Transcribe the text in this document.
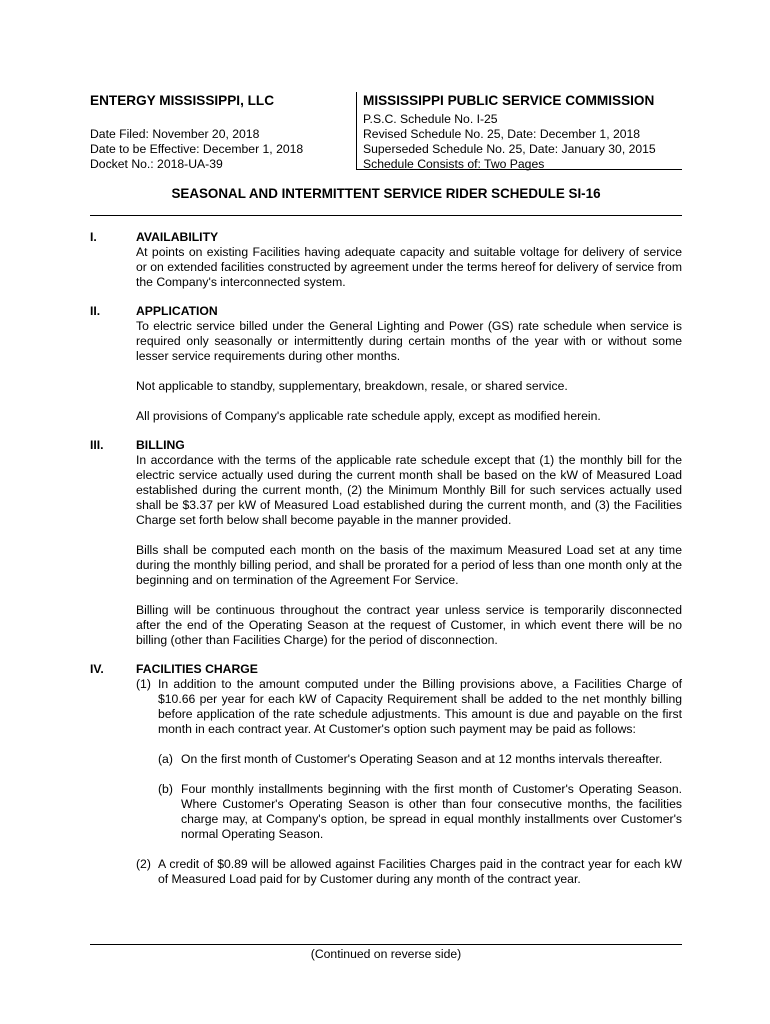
ENTERGY MISSISSIPPI, LLC
Date Filed: November 20, 2018
Date to be Effective: December 1, 2018
Docket No.: 2018-UA-39
MISSISSIPPI PUBLIC SERVICE COMMISSION
P.S.C. Schedule No. I-25
Revised Schedule No. 25, Date: December 1, 2018
Superseded Schedule No. 25, Date: January 30, 2015
Schedule Consists of: Two Pages
SEASONAL AND INTERMITTENT SERVICE RIDER SCHEDULE SI-16
I.	AVAILABILITY

At points on existing Facilities having adequate capacity and suitable voltage for delivery of service or on extended facilities constructed by agreement under the terms hereof for delivery of service from the Company's interconnected system.

II.	APPLICATION

To electric service billed under the General Lighting and Power (GS) rate schedule when service is required only seasonally or intermittently during certain months of the year with or without some lesser service requirements during other months.

Not applicable to standby, supplementary, breakdown, resale, or shared service.

All provisions of Company's applicable rate schedule apply, except as modified herein.

III.	BILLING

In accordance with the terms of the applicable rate schedule except that (1) the monthly bill for the electric service actually used during the current month shall be based on the kW of Measured Load established during the current month, (2) the Minimum Monthly Bill for such services actually used shall be $3.37 per kW of Measured Load established during the current month, and (3) the Facilities Charge set forth below shall become payable in the manner provided.

Bills shall be computed each month on the basis of the maximum Measured Load set at any time during the monthly billing period, and shall be prorated for a period of less than one month only at the beginning and on termination of the Agreement For Service.

Billing will be continuous throughout the contract year unless service is temporarily disconnected after the end of the Operating Season at the request of Customer, in which event there will be no billing (other than Facilities Charge) for the period of disconnection.

IV.	FACILITIES CHARGE
(1) In addition to the amount computed under the Billing provisions above, a Facilities Charge of $10.66 per year for each kW of Capacity Requirement shall be added to the net monthly billing before application of the rate schedule adjustments. This amount is due and payable on the first month in each contract year. At Customer's option such payment may be paid as follows:
(a) On the first month of Customer's Operating Season and at 12 months intervals thereafter.
(b) Four monthly installments beginning with the first month of Customer's Operating Season. Where Customer's Operating Season is other than four consecutive months, the facilities charge may, at Company's option, be spread in equal monthly installments over Customer's normal Operating Season.
(2) A credit of $0.89 will be allowed against Facilities Charges paid in the contract year for each kW of Measured Load paid for by Customer during any month of the contract year.
(Continued on reverse side)
